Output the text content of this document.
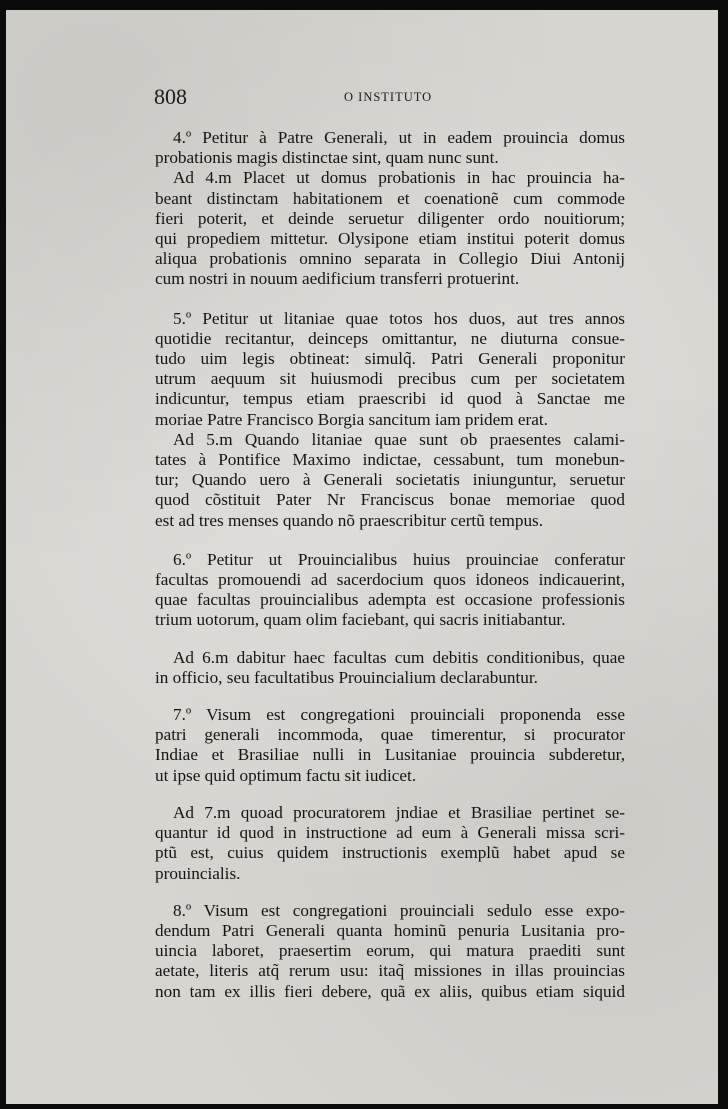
808	O INSTITUTO
4.º Petitur à Patre Generali, ut in eadem prouincia domus
probationis magis distinctae sint, quam nunc sunt.
Ad 4.m Placet ut domus probationis in hac prouincia ha-
beant distinctam habitationem et coenationẽ cum commode
fieri poterit, et deinde seruetur diligenter ordo nouitiorum;
qui propediem mittetur. Olysipone etiam institui poterit domus
aliqua probationis omnino separata in Collegio Diui Antonij
cum nostri in nouum aedificium transferri protuerint.
5.º Petitur ut litaniae quae totos hos duos, aut tres annos
quotidie recitantur, deinceps omittantur, ne diuturna consue-
tudo uim legis obtineat: simulq̃. Patri Generali proponitur
utrum aequum sit huiusmodi precibus cum per societatem
indicuntur, tempus etiam praescribi id quod à Sanctae me
moriae Patre Francisco Borgia sancitum iam pridem erat.
Ad 5.m Quando litaniae quae sunt ob praesentes calami-
tates à Pontifice Maximo indictae, cessabunt, tum monebun-
tur; Quando uero à Generali societatis iniunguntur, seruetur
quod cõstituit Pater Nr Franciscus bonae memoriae quod
est ad tres menses quando nõ praescribitur certũ tempus.
6.º Petitur ut Prouincialibus huius prouinciae conferatur
facultas promouendi ad sacerdocium quos idoneos indicauerint,
quae facultas prouincialibus adempta est occasione professionis
trium uotorum, quam olim faciebant, qui sacris initiabantur.
Ad 6.m dabitur haec facultas cum debitis conditionibus, quae
in officio, seu facultatibus Prouincialium declarabuntur.
7.º Visum est congregationi prouinciali proponenda esse
patri generali incommoda, quae timerentur, si procurator
Indiae et Brasiliae nulli in Lusitaniae prouincia subderetur,
ut ipse quid optimum factu sit iudicet.
Ad 7.m quoad procuratorem jndiae et Brasiliae pertinet se-
quantur id quod in instructione ad eum à Generali missa scri-
ptũ est, cuius quidem instructionis exemplũ habet apud se
prouincialis.
8.º Visum est congregationi prouinciali sedulo esse expo-
dendum Patri Generali quanta hominũ penuria Lusitania pro-
uincia laboret, praesertim eorum, qui matura praediti sunt
aetate, literis atq̃ rerum usu: itaq̃ missiones in illas prouincias
non tam ex illis fieri debere, quã ex aliis, quibus etiam siquid
